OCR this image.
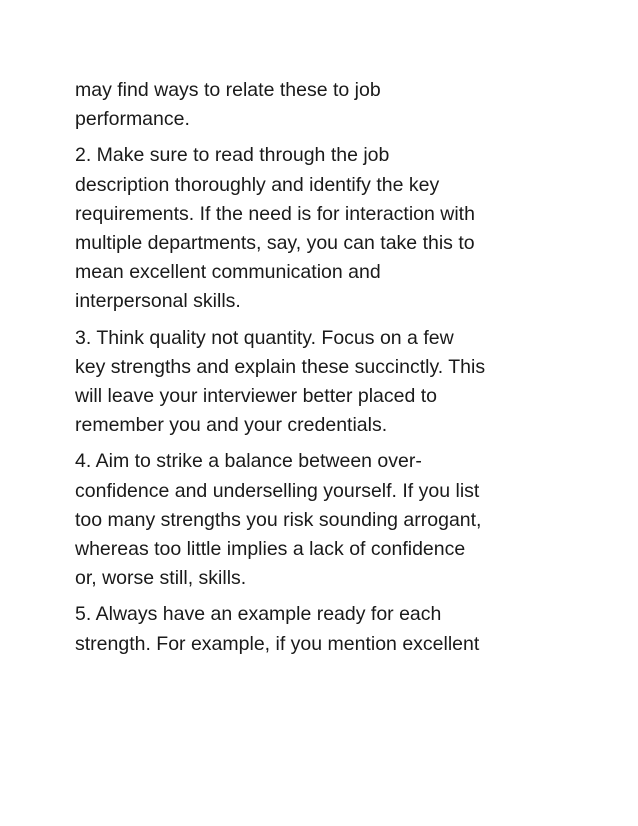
may find ways to relate these to job
performance.

2. Make sure to read through the job
description thoroughly and identify the key
requirements. If the need is for interaction with
multiple departments, say, you can take this to
mean excellent communication and
interpersonal skills.

3. Think quality not quantity. Focus on a few
key strengths and explain these succinctly. This
will leave your interviewer better placed to
remember you and your credentials.

4. Aim to strike a balance between over-
confidence and underselling yourself. If you list
too many strengths you risk sounding arrogant,
whereas too little implies a lack of confidence
or, worse still, skills.

5. Always have an example ready for each
strength. For example, if you mention excellent
